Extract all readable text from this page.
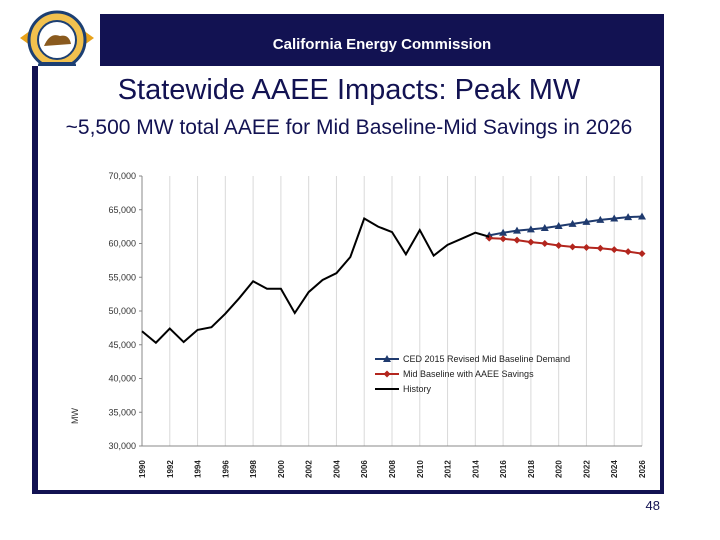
California Energy Commission
Statewide AAEE Impacts: Peak MW
~5,500 MW total AAEE for Mid Baseline-Mid Savings in 2026
1990 1992 1994 1996 1998 2000 2002 2004 2006 2008 2010 2012 2014 2016 2018 2020 2022 2024 2026
30,000
35,000
40,000
45,000
50,000
55,000
60,000
65,000
70,000
MW
CED 2015 Revised Mid Baseline Demand
Mid Baseline with AAEE Savings
History
48
